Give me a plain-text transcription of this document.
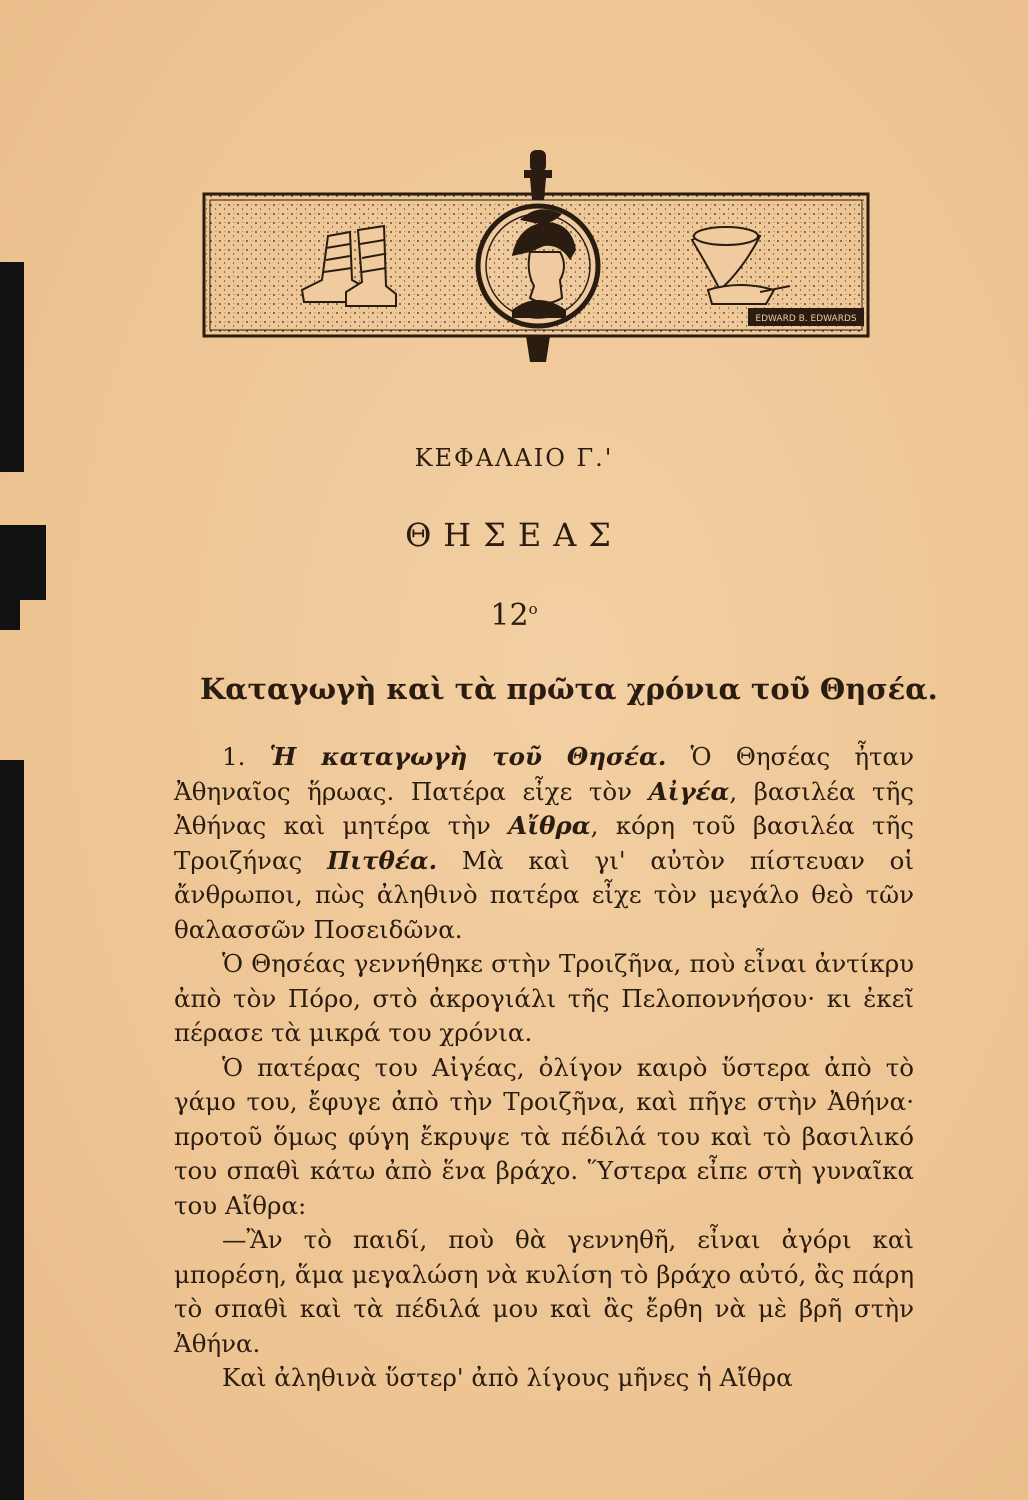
EDWARD B. EDWARDS
ΚΕΦΑΛΑΙΟ Γ.'
ΘΗΣΕΑΣ
$12^o$
Καταγωγὴ καὶ τὰ πρῶτα χρόνια τοῦ Θησέα.

1. Ἡ καταγωγὴ τοῦ Θησέα. Ὁ Θησέας ἦταν Ἀθηναῖος ἥρωας. Πατέρα εἶχε τὸν Αἰγέα, βασιλέα τῆς Ἀθήνας καὶ μητέρα τὴν Αἴθρα, κόρη τοῦ βασιλέα τῆς Τροιζήνας Πιτθέα. Μὰ καὶ γι' αὐτὸν πίστευαν οἱ ἄνθρωποι, πὼς ἀληθινὸ πατέρα εἶχε τὸν μεγάλο θεὸ τῶν θαλασσῶν Ποσειδῶνα.

Ὁ Θησέας γεννήθηκε στὴν Τροιζῆνα, ποὺ εἶναι ἀντίκρυ ἀπὸ τὸν Πόρο, στὸ ἀκρογιάλι τῆς Πελοποννήσου· κι ἐκεῖ πέρασε τὰ μικρά του χρόνια.

Ὁ πατέρας του Αἰγέας, ὀλίγον καιρὸ ὕστερα ἀπὸ τὸ γάμο του, ἔφυγε ἀπὸ τὴν Τροιζῆνα, καὶ πῆγε στὴν Ἀθήνα· προτοῦ ὅμως φύγη ἔκρυψε τὰ πέδιλά του καὶ τὸ βασιλικό του σπαθὶ κάτω ἀπὸ ἕνα βράχο. Ὕστερα εἶπε στὴ γυναῖκα του Αἴθρα:

—Ἂν τὸ παιδί, ποὺ θὰ γεννηθῆ, εἶναι ἀγόρι καὶ μπορέση, ἅμα μεγαλώση νὰ κυλίση τὸ βράχο αὐτό, ἂς πάρη τὸ σπαθὶ καὶ τὰ πέδιλά μου καὶ ἂς ἔρθη νὰ μὲ βρῆ στὴν Ἀθήνα.

Καὶ ἀληθινὰ ὕστερ' ἀπὸ λίγους μῆνες ἡ Αἴθρα
